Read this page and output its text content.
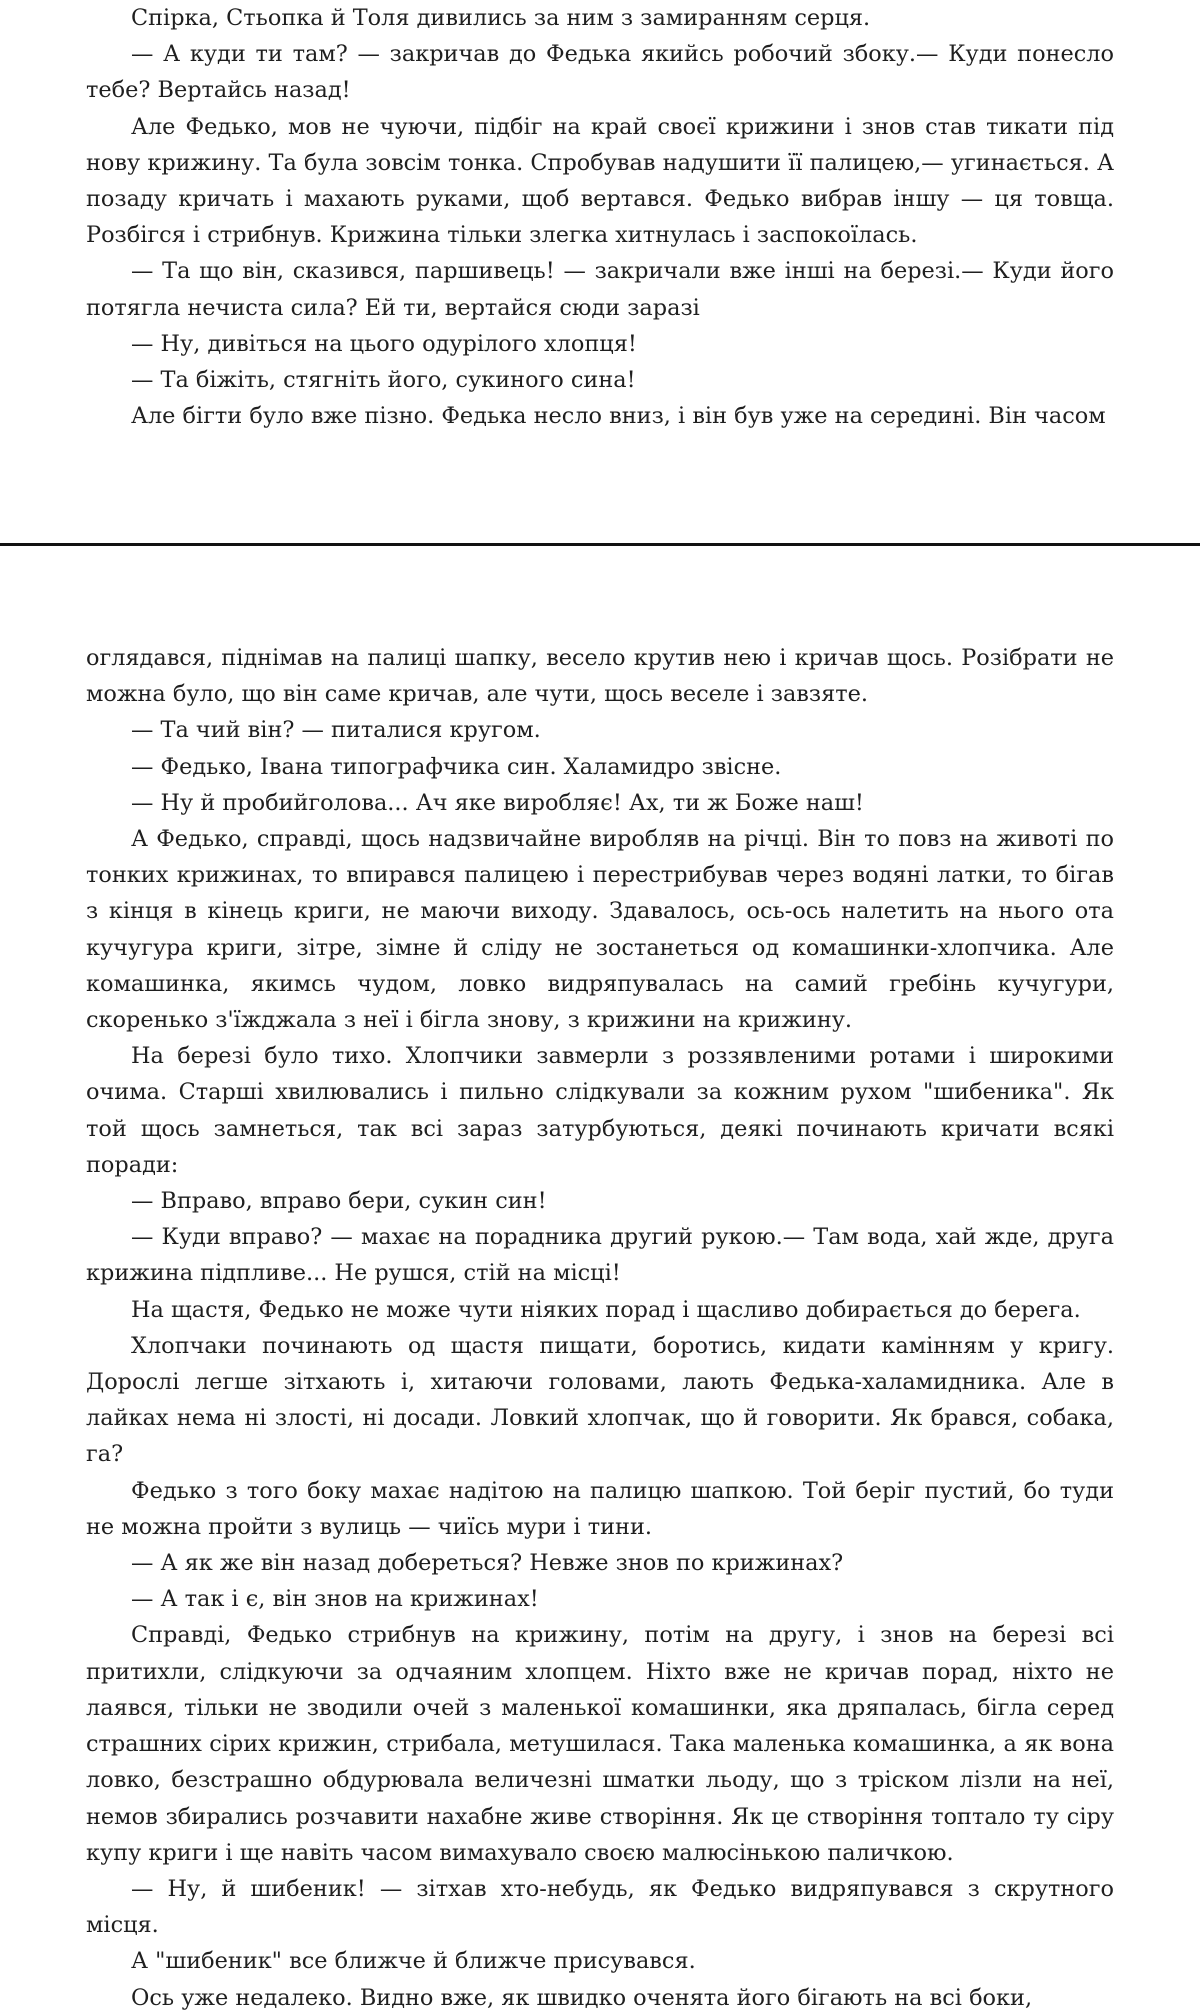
Спірка, Стьопка й Толя дивились за ним з замиранням серця.

— А куди ти там? — закричав до Федька якийсь робочий збоку.— Куди понесло тебе? Вертайсь назад!

Але Федько, мов не чуючи, підбіг на край своєї крижини і знов став тикати під нову крижину. Та була зовсім тонка. Спробував надушити її палицею,— угинається. А позаду кричать і махають руками, щоб вертався. Федько вибрав іншу — ця товща. Розбігся і стрибнув. Крижина тільки злегка хитнулась і заспокоїлась.

— Та що він, сказився, паршивець! — закричали вже інші на березі.— Куди його потягла нечиста сила? Ей ти, вертайся сюди заразі

— Ну, дивіться на цього одурілого хлопця!

— Та біжіть, стягніть його, сукиного сина!

Але бігти було вже пізно. Федька несло вниз, і він був уже на середині. Він часом

оглядався, піднімав на палиці шапку, весело крутив нею і кричав щось. Розібрати не можна було, що він саме кричав, але чути, щось веселе і завзяте.

— Та чий він? — питалися кругом.

— Федько, Івана типографчика син. Халамидро звісне.

— Ну й пробийголова... Ач яке виробляє! Ах, ти ж Боже наш!

А Федько, справді, щось надзвичайне виробляв на річці. Він то повз на животі по тонких крижинах, то впирався палицею і перестрибував через водяні латки, то бігав з кінця в кінець криги, не маючи виходу. Здавалось, ось-ось налетить на нього ота кучугура криги, зітре, зімне й сліду не зостанеться од комашинки-хлопчика. Але комашинка, якимсь чудом, ловко видряпувалась на самий гребінь кучугури, скоренько з'їжджала з неї і бігла знову, з крижини на крижину.

На березі було тихо. Хлопчики завмерли з роззявленими ротами і широкими очима. Старші хвилювались і пильно слідкували за кожним рухом "шибеника". Як той щось замнеться, так всі зараз затурбуються, деякі починають кричати всякі поради:

— Вправо, вправо бери, сукин син!

— Куди вправо? — махає на порадника другий рукою.— Там вода, хай жде, друга крижина підпливе... Не рушся, стій на місці!

На щастя, Федько не може чути ніяких порад і щасливо добирається до берега.

Хлопчаки починають од щастя пищати, боротись, кидати камінням у кригу. Дорослі легше зітхають і, хитаючи головами, лають Федька-халамидника. Але в лайках нема ні злості, ні досади. Ловкий хлопчак, що й говорити. Як брався, собака, га?

Федько з того боку махає надітою на палицю шапкою. Той беріг пустий, бо туди не можна пройти з вулиць — чиїсь мури і тини.

— А як же він назад добереться? Невже знов по крижинах?

— А так і є, він знов на крижинах!

Справді, Федько стрибнув на крижину, потім на другу, і знов на березі всі притихли, слідкуючи за одчаяним хлопцем. Ніхто вже не кричав порад, ніхто не лаявся, тільки не зводили очей з маленької комашинки, яка дряпалась, бігла серед страшних сірих крижин, стрибала, метушилася. Така маленька комашинка, а як вона ловко, безстрашно обдурювала величезні шматки льоду, що з тріском лізли на неї, немов збирались розчавити нахабне живе створіння. Як це створіння топтало ту сіру купу криги і ще навіть часом вимахувало своєю малюсінькою паличкою.

— Ну, й шибеник! — зітхав хто-небудь, як Федько видряпувався з скрутного місця.

А "шибеник" все ближче й ближче присувався.

Ось уже недалеко. Видно вже, як швидко оченята його бігають на всі боки,
